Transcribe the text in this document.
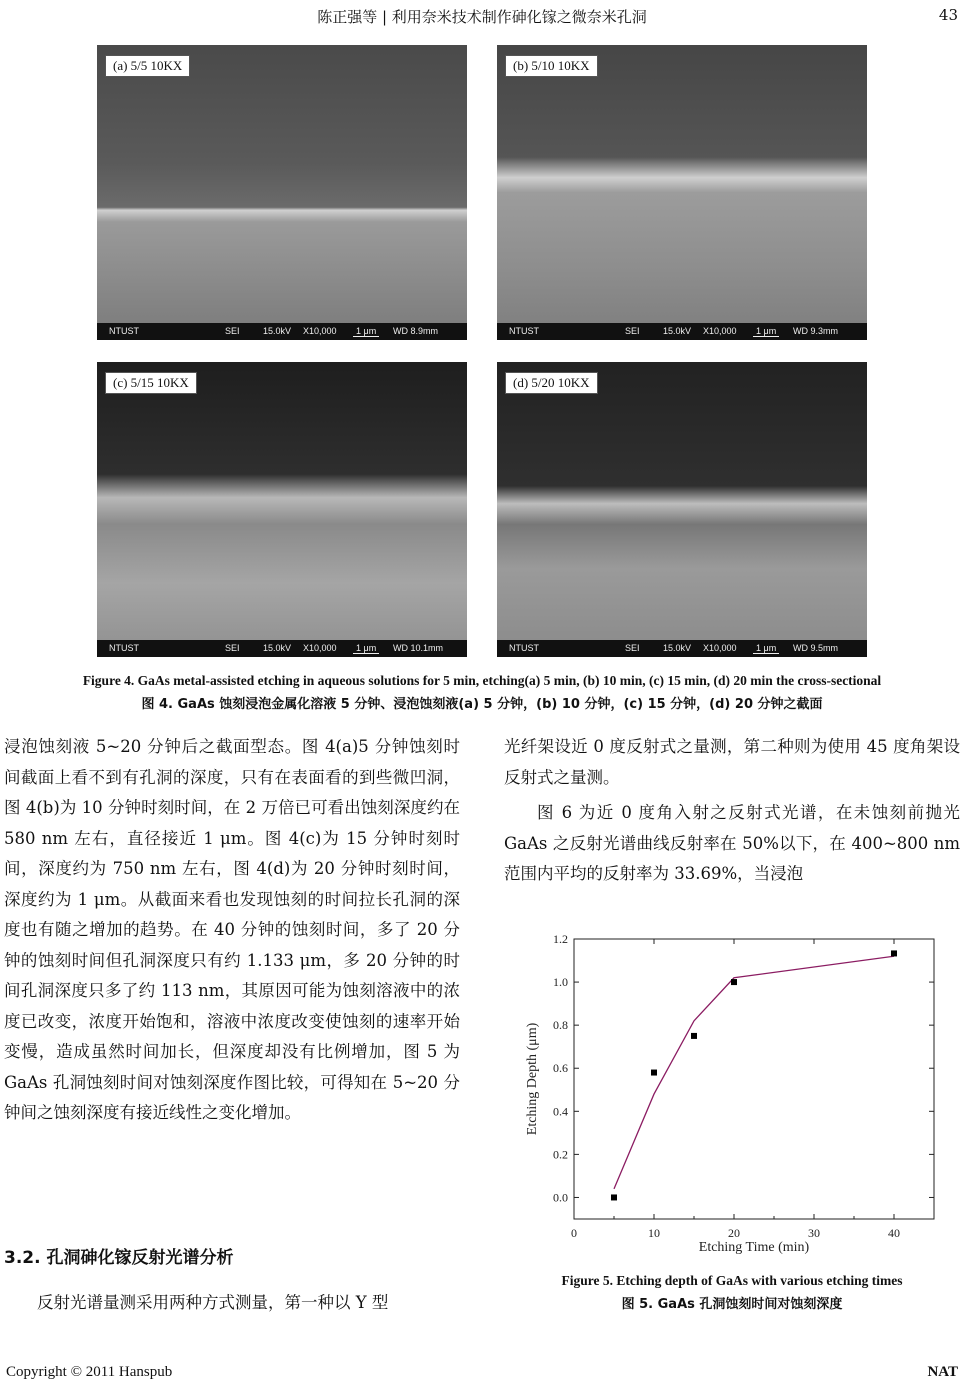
陈正强等 | 利用奈米技术制作砷化镓之微奈米孔洞	43
(a) 5/5 10KX
NTUST	SEI	15.0kV X10,000	1 μm	WD 8.9mm
(b) 5/10 10KX
NTUST	SEI	15.0kV X10,000	1 μm	WD 9.3mm
(c) 5/15 10KX
NTUST	SEI	15.0kV X10,000	1 μm	WD 10.1mm
(d) 5/20 10KX
NTUST	SEI	15.0kV X10,000	1 μm	WD 9.5mm
Figure 4. GaAs metal-assisted etching in aqueous solutions for 5 min, etching(a) 5 min, (b) 10 min, (c) 15 min, (d) 20 min the cross-sectional
图 4. GaAs 蚀刻浸泡金属化溶液 5 分钟、浸泡蚀刻液(a) 5 分钟，(b) 10 分钟，(c) 15 分钟，(d) 20 分钟之截面
浸泡蚀刻液 5~20 分钟后之截面型态。图 4(a)5 分钟蚀刻时间截面上看不到有孔洞的深度，只有在表面看的到些微凹洞，图 4(b)为 10 分钟时刻时间，在 2 万倍已可看出蚀刻深度约在 580 nm 左右，直径接近 1 μm。图 4(c)为 15 分钟时刻时间，深度约为 750 nm 左右，图 4(d)为 20 分钟时刻时间，深度约为 1 μm。从截面来看也发现蚀刻的时间拉长孔洞的深度也有随之增加的趋势。在 40 分钟的蚀刻时间，多了 20 分钟的蚀刻时间但孔洞深度只有约 1.133 μm，多 20 分钟的时间孔洞深度只多了约 113 nm，其原因可能为蚀刻溶液中的浓度已改变，浓度开始饱和，溶液中浓度改变使蚀刻的速率开始变慢，造成虽然时间加长，但深度却没有比例增加，图 5 为 GaAs 孔洞蚀刻时间对蚀刻深度作图比较，可得知在 5~20 分钟间之蚀刻深度有接近线性之变化增加。
3.2. 孔洞砷化镓反射光谱分析
反射光谱量测采用两种方式测量，第一种以 Y 型
光纤架设近 0 度反射式之量测，第二种则为使用 45 度角架设反射式之量测。
图 6 为近 0 度角入射之反射式光谱，在未蚀刻前抛光 GaAs 之反射光谱曲线反射率在 50%以下，在 400~800 nm 范围内平均的反射率为 33.69%，当浸泡
0.0
0.2
0.4
0.6
0.8
1.0
1.2
0	10	20	30	40
Etching Time (min)
Etching Depth (μm)
Figure 5. Etching depth of GaAs with various etching times
图 5. GaAs 孔洞蚀刻时间对蚀刻深度
Copyright © 2011 Hanspub	NAT
